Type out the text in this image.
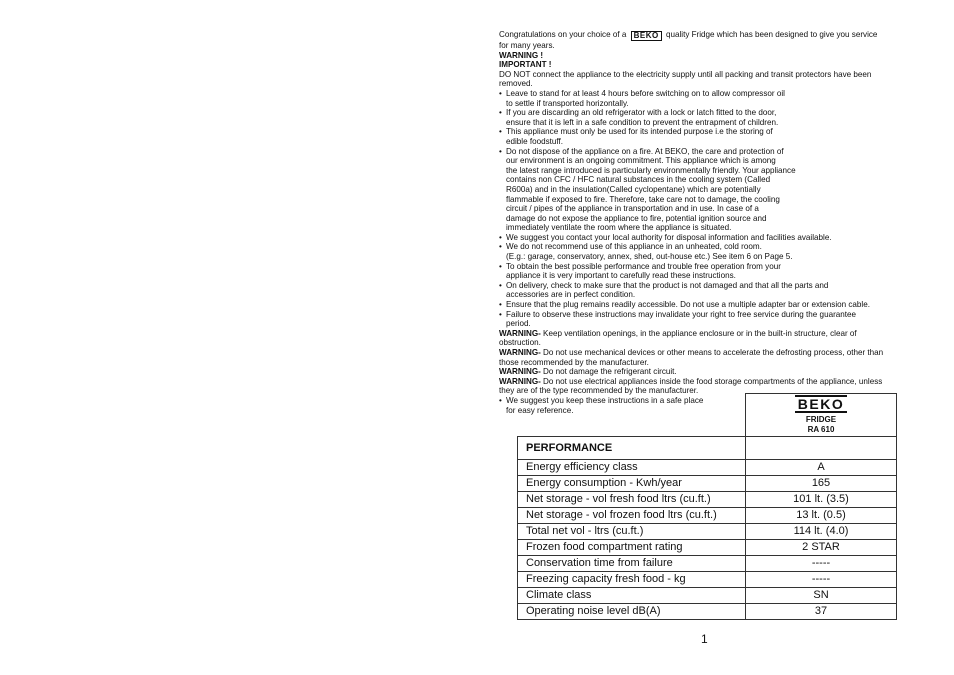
Congratulations on your choice of a BEKO quality Fridge which has been designed to give you service for many years.

WARNING !

IMPORTANT !

DO NOT connect the appliance to the electricity supply until all packing and transit protectors have been removed.

• Leave to stand for at least 4 hours before switching on to allow compressor oil
to settle if transported horizontally.
• If you are discarding an old refrigerator with a lock or latch fitted to the door,
ensure that it is left in a safe condition to prevent the entrapment of children.
• This appliance must only be used for its intended purpose i.e the storing of
edible foodstuff.
• Do not dispose of the appliance on a fire. At BEKO, the care and protection of
our environment is an ongoing commitment. This appliance which is among
the latest range introduced is particularly environmentally friendly. Your appliance
contains non CFC / HFC natural substances in the cooling system (Called
R600a) and in the insulation(Called cyclopentane) which are potentially
flammable if exposed to fire. Therefore, take care not to damage, the cooling
circuit / pipes of the appliance in transportation and in use. In case of a
damage do not expose the appliance to fire, potential ignition source and
immediately ventilate the room where the appliance is situated.
• We suggest you contact your local authority for disposal information and facilities available.
• We do not recommend use of this appliance in an unheated, cold room.
(E.g.: garage, conservatory, annex, shed, out-house etc.) See item 6 on Page 5.
• To obtain the best possible performance and trouble free operation from your
appliance it is very important to carefully read these instructions.
• On delivery, check to make sure that the product is not damaged and that all the parts and
accessories are in perfect condition.
• Ensure that the plug remains readily accessible. Do not use a multiple adapter bar or extension cable.
• Failure to observe these instructions may invalidate your right to free service during the guarantee
period.

WARNING- Keep ventilation openings, in the appliance enclosure or in the built-in structure, clear of obstruction.

WARNING- Do not use mechanical devices or other means to accelerate the defrosting process, other than those recommended by the manufacturer.

WARNING- Do not damage the refrigerant circuit.

WARNING- Do not use electrical appliances inside the food storage compartments of the appliance, unless they are of the type recommended by the manufacturer.

• We suggest you keep these instructions in a safe place
for easy reference.
		BEKO
FRIDGE
RA 610

PERFORMANCE	
Energy efficiency class	A
Energy consumption - Kwh/year	165
Net storage - vol fresh food ltrs (cu.ft.)	101 lt. (3.5)
Net storage - vol frozen food ltrs (cu.ft.)	13 lt. (0.5)
Total net vol - ltrs (cu.ft.)	114 lt. (4.0)
Frozen food compartment rating	2 STAR
Conservation time from failure	-----
Freezing capacity fresh food - kg	-----
Climate class	SN
Operating noise level dB(A)	37
1
